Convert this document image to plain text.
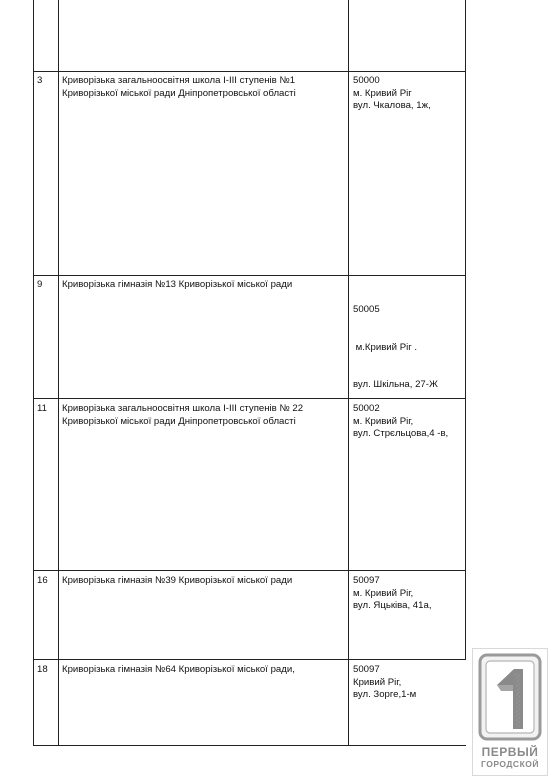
3 Криворізька загальноосвітня школа І-ІІІ ступенів №1
Криворізької міської ради Дніпропетровської області
50000
м. Кривий Ріг
вул. Чкалова, 1ж,
9 Криворізька гімназія №13 Криворізької міської ради

50005

м.Кривий Ріг .

вул. Шкільна, 27-Ж

11 Криворізька загальноосвітня школа І-ІІІ ступенів № 22
Криворізької міської ради Дніпропетровської області
50002
м. Кривий Ріг,
вул. Стрєльцова,4 -в,
16 Криворізька гімназія №39 Криворізької міської ради	50097
м. Кривий Ріг,
вул. Яцьківа, 41а,
18 Криворізька гімназія №64 Криворізької міської ради,	50097
Кривий Ріг,
вул. Зорге,1-м
ПЕРВЫЙ
ГОРОДСКОЙ
